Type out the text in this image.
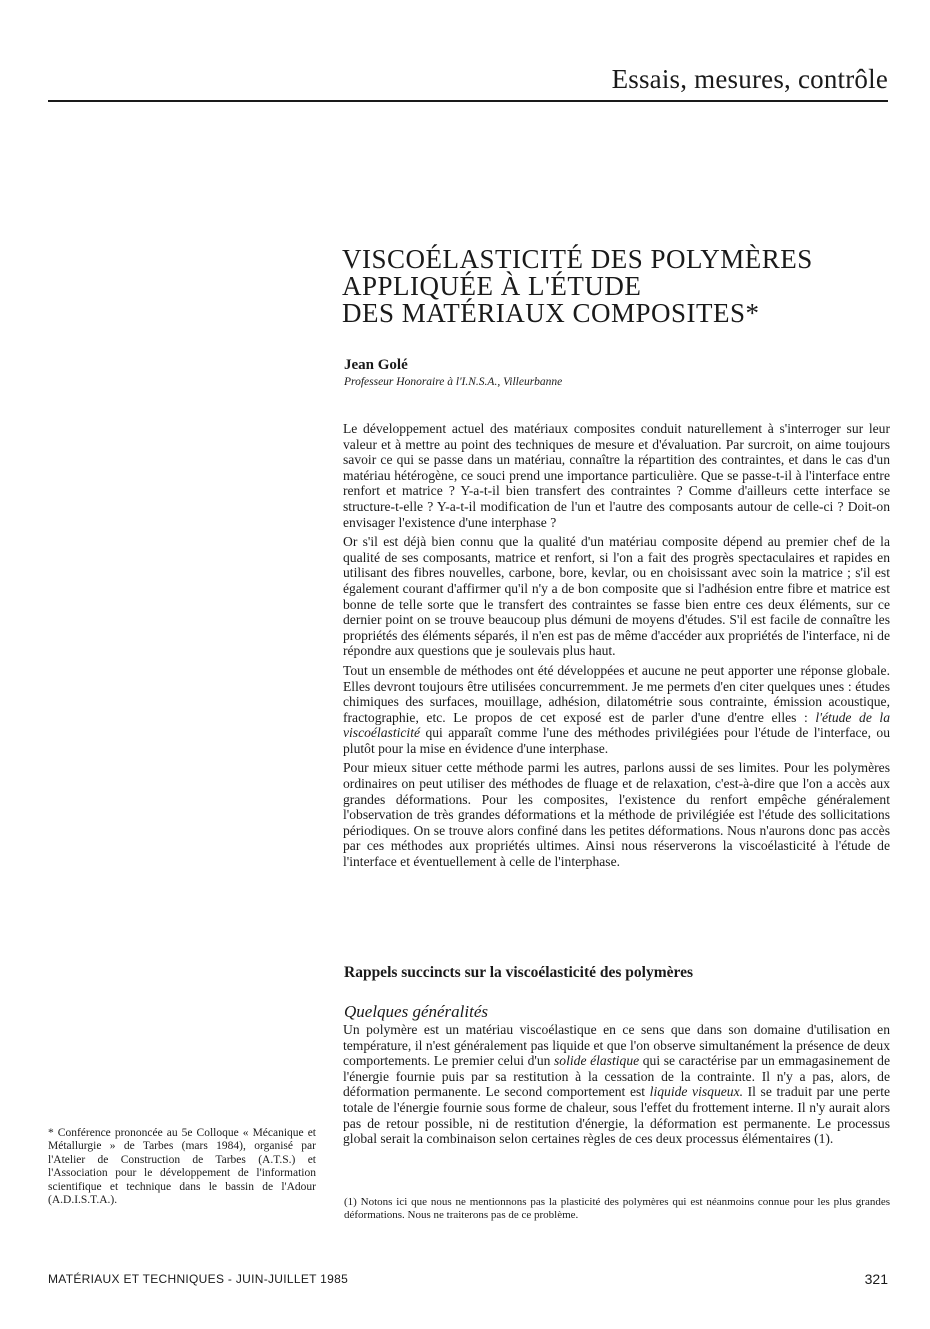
Essais, mesures, contrôle
VISCOÉLASTICITÉ DES POLYMÈRES
APPLIQUÉE À L'ÉTUDE
DES MATÉRIAUX COMPOSITES*
Jean Golé
Professeur Honoraire à l'I.N.S.A., Villeurbanne

Le développement actuel des matériaux composites conduit naturellement à s'interroger sur leur valeur et à mettre au point des techniques de mesure et d'évaluation. Par surcroit, on aime toujours savoir ce qui se passe dans un matériau, connaître la répartition des contraintes, et dans le cas d'un matériau hétérogène, ce souci prend une importance particulière. Que se passe-t-il à l'interface entre renfort et matrice ? Y-a-t-il bien transfert des contraintes ? Comme d'ailleurs cette interface se structure-t-elle ? Y-a-t-il modification de l'un et l'autre des composants autour de celle-ci ? Doit-on envisager l'existence d'une interphase ?

Or s'il est déjà bien connu que la qualité d'un matériau composite dépend au premier chef de la qualité de ses composants, matrice et renfort, si l'on a fait des progrès spectaculaires et rapides en utilisant des fibres nouvelles, carbone, bore, kevlar, ou en choisissant avec soin la matrice ; s'il est également courant d'affirmer qu'il n'y a de bon composite que si l'adhésion entre fibre et matrice est bonne de telle sorte que le transfert des contraintes se fasse bien entre ces deux éléments, sur ce dernier point on se trouve beaucoup plus démuni de moyens d'études. S'il est facile de connaître les propriétés des éléments séparés, il n'en est pas de même d'accéder aux propriétés de l'interface, ni de répondre aux questions que je soulevais plus haut.

Tout un ensemble de méthodes ont été développées et aucune ne peut apporter une réponse globale. Elles devront toujours être utilisées concurremment. Je me permets d'en citer quelques unes : études chimiques des surfaces, mouillage, adhésion, dilatométrie sous contrainte, émission acoustique, fractographie, etc. Le propos de cet exposé est de parler d'une d'entre elles : l'étude de la viscoélasticité qui apparaît comme l'une des méthodes privilégiées pour l'étude de l'interface, ou plutôt pour la mise en évidence d'une interphase.

Pour mieux situer cette méthode parmi les autres, parlons aussi de ses limites. Pour les polymères ordinaires on peut utiliser des méthodes de fluage et de relaxation, c'est-à-dire que l'on a accès aux grandes déformations. Pour les composites, l'existence du renfort empêche généralement l'observation de très grandes déformations et la méthode de privilégiée est l'étude des sollicitations périodiques. On se trouve alors confiné dans les petites déformations. Nous n'aurons donc pas accès par ces méthodes aux propriétés ultimes. Ainsi nous réserverons la viscoélasticité à l'étude de l'interface et éventuellement à celle de l'interphase.

Rappels succincts sur la viscoélasticité des polymères
Quelques généralités

Un polymère est un matériau viscoélastique en ce sens que dans son domaine d'utilisation en température, il n'est généralement pas liquide et que l'on observe simultanément la présence de deux comportements. Le premier celui d'un solide élastique qui se caractérise par un emmagasinement de l'énergie fournie puis par sa restitution à la cessation de la contrainte. Il n'y a pas, alors, de déformation permanente. Le second comportement est liquide visqueux. Il se traduit par une perte totale de l'énergie fournie sous forme de chaleur, sous l'effet du frottement interne. Il n'y aurait alors pas de retour possible, ni de restitution d'énergie, la déformation est permanente. Le processus global serait la combinaison selon certaines règles de ces deux processus élémentaires (1).

(1) Notons ici que nous ne mentionnons pas la plasticité des polymères qui est néanmoins connue pour les plus grandes déformations. Nous ne traiterons pas de ce problème.
* Conférence prononcée au 5e Colloque « Mécanique et Métallurgie » de Tarbes (mars 1984), organisé par l'Atelier de Construction de Tarbes (A.T.S.) et l'Association pour le développement de l'information scientifique et technique dans le bassin de l'Adour (A.D.I.S.T.A.).
MATÉRIAUX ET TECHNIQUES - JUIN-JUILLET 1985	321
